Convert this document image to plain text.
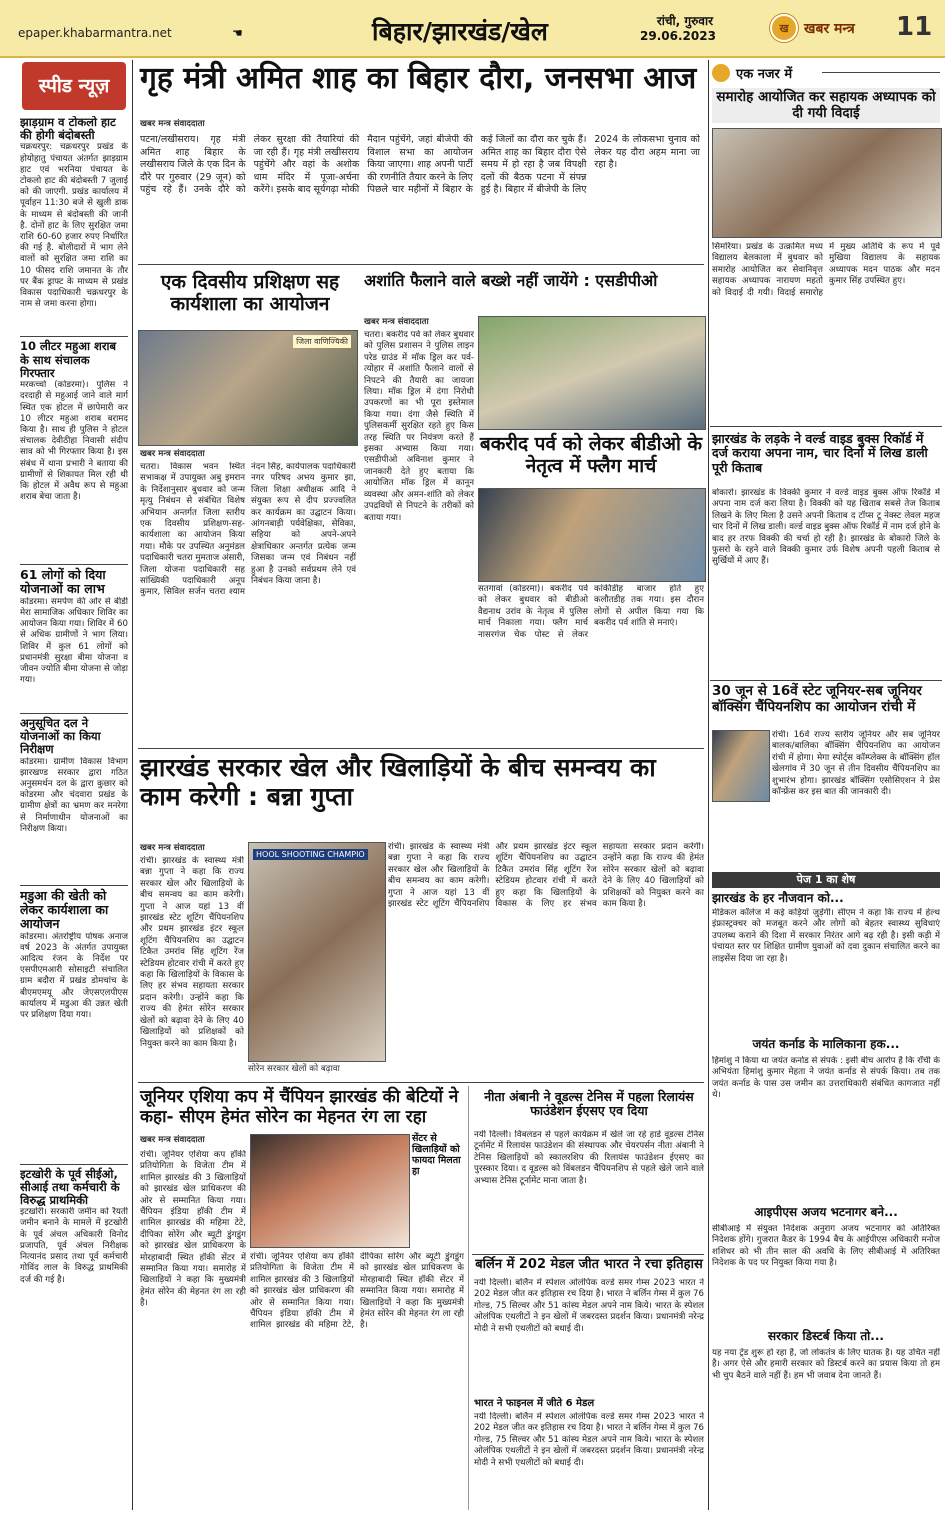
epaper.khabarmantra.net	☚	बिहार/झारखंड/खेल	रांची, गुरुवार
29.06.2023
ख	खबर मन्त्र 11
स्पीड न्यूज़
झाड़ग्राम व टोकलो हाट की होगी बंदोबस्ती
चक्रधरपुर: चक्रधरपुर प्रखंड के होयोहातु पंचायत अंतर्गत झाड़ग्राम हाट एवं भरनिया पंचायत के टोकलो हाट की बंदोबस्ती 7 जुलाई को की जाएगी. प्रखंड कार्यालय में पूर्वाहन 11:30 बजे से खुली डाक के माध्यम से बंदोबस्ती की जानी है. दोनों हाट के लिए सुरक्षित जमा राशि 60-60 हजार रुपए निर्धारित की गई है. बोलीदारों में भाग लेने वालों को सुरक्षित जमा राशि का 10 फीसद राशि जमानत के तौर पर बैंक ड्राफ्ट के माध्यम से प्रखंड विकास पदाधिकारी चक्रधरपुर के नाम से जमा करना होगा।
10 लीटर महुआ शराब के साथ संचालक गिरफ्तार
मरकच्चो (कोडरमा)। पुलिस ने दरदाही से महुआई जाने वाले मार्ग स्थित एक होटल में छापेमारी कर 10 लीटर महुआ शराब बरामद किया है। साथ ही पुलिस ने होटल संचालक देवीठीहा निवासी संदीप साव को भी गिरफ्तार किया है। इस संबंध में थाना प्रभारी ने बताया की ग्रामीणों से शिकायत मिल रही थी कि होटल में अवैध रूप से महुआ शराब बेचा जाता है।
61 लोगों को दिया योजनाओं का लाभ
कोडरमा। समर्पण की ओर से बीडी मेरा सामाजिक अधिकार शिविर का आयोजन किया गया। शिविर में 60 से अधिक ग्रामीणों ने भाग लिया। शिविर में कुल 61 लोगों को प्रधानमंत्री सुरक्षा बीमा योजना व जीवन ज्योति बीमा योजना से जोड़ा गया।
अनुसूचित दल ने योजनाओं का किया निरीक्षण
कोडरमा। ग्रामीण विकास विभाग झारखण्ड सरकार द्वारा गठित अनुसमर्थन दल के द्वारा कुछार को कोडरमा और चंदवारा प्रखंड के ग्रामीण क्षेत्रों का भ्रमण कर मनरेगा से निर्माणाधीन योजनाओं का निरीक्षण किया।
मडुआ की खेती को लेकर कार्यशाला का आयोजन
कोडरमा। अंतर्राष्ट्रीय पोषक अनाज वर्ष 2023 के अंतर्गत उपायुक्त आदित्य रंजन के निर्देश पर एसपीएमआरी सोसाइटी संचालित ग्राम बदौरा में प्रखंड डोमचांच के बीएमएमयू और जेएसएलपीएस कार्यालय में मडुआ की उन्नत खेती पर प्रशिक्षण दिया गया।
इटखोरी के पूर्व सीईओ, सीआई तथा कर्मचारी के विरुद्ध प्राथमिकी
इटखोरी। सरकारी जमीन को रैयती जमीन बनाने के मामले में इटखोरी के पूर्व अंचल अधिकारी विनोद प्रजापति, पूर्व अंचल निरीक्षक नित्यानंद प्रसाद तथा पूर्व कर्मचारी गोविंद लाल के विरुद्ध प्राथमिकी दर्ज की गई है।
गृह मंत्री अमित शाह का बिहार दौरा, जनसभा आज
खबर मन्त्र संवाददाता
पटना/लखीसराय। गृह मंत्री अमित शाह बिहार के लखीसराय जिले के एक दिन के दौरे पर गुरुवार (29 जून) को पहुंच रहे हैं। उनके दौरे को लेकर सुरक्षा की तैयारियां की जा रही हैं। गृह मंत्री लखीसराय पहुंचेंगे और वहां के अशोक धाम मंदिर में पूजा-अर्चना करेंगे। इसके बाद सूर्यगढ़ा मोकी मैदान पहुंचेंगे, जहां बीजेपी की विशाल सभा का आयोजन किया जाएगा। शाह अपनी पार्टी की रणनीति तैयार करने के लिए पिछले चार महीनों में बिहार के कई जिलों का दौरा कर चुके हैं। अमित शाह का बिहार दौरा ऐसे समय में हो रहा है जब विपक्षी दलों की बैठक पटना में संपन्न हुई है। बिहार में बीजेपी के लिए 2024 के लोकसभा चुनाव को लेकर यह दौरा अहम माना जा रहा है।
एक दिवसीय प्रशिक्षण सह कार्यशाला का आयोजन
जिला वाणिज्यिकी
खबर मन्त्र संवाददाता
चतरा। विकास भवन स्थित सभाकक्ष में उपायुक्त अबु इमरान के निर्देशानुसार बुधवार को जन्म मृत्यु निबंधन से संबंधित विशेष अभियान अन्तर्गत जिला स्तरीय एक दिवसीय प्रशिक्षण-सह-कार्यशाला का आयोजन किया गया। मौके पर उपस्थित अनुमंडल पदाधिकारी चतरा मुमताज अंसारी, जिला योजना पदाधिकारी सह सांख्यिकी पदाधिकारी अनूप कुमार, सिविल सर्जन चतरा श्याम नंदन सिंह, कार्यपालक पदाधिकारी नगर परिषद अभय कुमार झा, जिला शिक्षा अधीक्षक आदि ने संयुक्त रूप से दीप प्रज्ज्वलित कर कार्यक्रम का उद्घाटन किया। आंगनबाड़ी पर्यवेक्षिका, सेविका, सहिया को अपने-अपने क्षेत्राधिकार अन्तर्गत प्रत्येक जन्म जिसका जन्म एवं निबंधन नहीं हुआ है उनको सर्वप्रथम लेने एवं निबंधन किया जाना है।
अशांति फैलाने वाले बख्शे नहीं जायेंगे : एसडीपीओ
खबर मन्त्र संवाददाता
चतरा। बकरीद पर्व को लेकर बुधवार को पुलिस प्रशासन ने पुलिस लाइन परेड ग्राउंड में मॉक ड्रिल कर पर्व-त्योहार में अशांति फैलाने वालों से निपटने की तैयारी का जायजा लिया। मॉक ड्रिल में दंगा निरोधी उपकरणों का भी पूरा इस्तेमाल किया गया। दंगा जैसे स्थिति में पुलिसकर्मी सुरक्षित रहते हुए किस तरह स्थिति पर नियंत्रण करते हैं इसका अभ्यास किया गया। एसडीपीओ अविनाश कुमार ने जानकारी देते हुए बताया कि आयोजित मॉक ड्रिल में कानून व्यवस्था और अमन-शांति को लेकर उपद्रवियों से निपटने के तरीकों को बताया गया।
बकरीद पर्व को लेकर बीडीओ के नेतृत्व में फ्लैग मार्च
सतगावां (कोडरमा)। बकरीद पर्व को लेकर बुधवार को बीडीओ वैद्यनाथ उरांव के नेतृत्व में पुलिस मार्च निकाला गया। फ्लैग मार्च नासरगंज चेक पोस्ट से लेकर कांकीडीह बाजार होते हुए कलौतडीह तक गया। इस दौरान लोगों से अपील किया गया कि बकरीद पर्व शांति से मनाएं।
झारखंड सरकार खेल और खिलाड़ियों के बीच समन्वय का काम करेगी : बन्ना गुप्ता
खबर मन्त्र संवाददाता
रांची। झारखंड के स्वास्थ्य मंत्री बन्ना गुप्ता ने कहा कि राज्य सरकार खेल और खिलाड़ियों के बीच समन्वय का काम करेगी। गुप्ता ने आज यहां 13 वीं झारखंड स्टेट शूटिंग चैंपियनशिप और प्रथम झारखंड इंटर स्कूल शूटिंग चैंपियनशिप का उद्घाटन टिकैत उमरांव सिंह शूटिंग रेंज स्टेडियम होटवार रांची में करते हुए कहा कि खिलाड़ियों के विकास के लिए हर संभव सहायता सरकार प्रदान करेगी। उन्होंने कहा कि राज्य की हेमंत सोरेन सरकार खेलों को बढ़ावा देने के लिए 40 खिलाड़ियों को प्रशिक्षकों को नियुक्त करने का काम किया है।
HOOL SHOOTING CHAMPIO
सोरेन सरकार खेलों को बढ़ावा
रांची। झारखंड के स्वास्थ्य मंत्री बन्ना गुप्ता ने कहा कि राज्य सरकार खेल और खिलाड़ियों के बीच समन्वय का काम करेगी। गुप्ता ने आज यहां 13 वीं झारखंड स्टेट शूटिंग चैंपियनशिप और प्रथम झारखंड इंटर स्कूल शूटिंग चैंपियनशिप का उद्घाटन टिकैत उमरांव सिंह शूटिंग रेंज स्टेडियम होटवार रांची में करते हुए कहा कि खिलाड़ियों के विकास के लिए हर संभव सहायता सरकार प्रदान करेगी। उन्होंने कहा कि राज्य की हेमंत सोरेन सरकार खेलों को बढ़ावा देने के लिए 40 खिलाड़ियों को प्रशिक्षकों को नियुक्त करने का काम किया है।
जूनियर एशिया कप में चैंपियन झारखंड की बेटियों ने कहा- सीएम हेमंत सोरेन का मेहनत रंग ला रहा
खबर मन्त्र संवाददाता
रांची। जूनियर एशिया कप हॉकी प्रतियोगिता के विजेता टीम में शामिल झारखंड की 3 खिलाड़ियों को झारखंड खेल प्राधिकरण की ओर से सम्मानित किया गया। चैंपियन इंडिया हॉकी टीम में शामिल झारखंड की महिमा टेटे, दीपिका सोरेंग और ब्यूटी डुंगडुंग को झारखंड खेल प्राधिकरण के मोरहाबादी स्थित हॉकी सेंटर में सम्मानित किया गया। समारोह में खिलाड़ियों ने कहा कि मुख्यमंत्री हेमंत सोरेन की मेहनत रंग ला रही है।
सेंटर से खिलाड़ियों को फायदा मिलता हा
रांची। जूनियर एशिया कप हॉकी प्रतियोगिता के विजेता टीम में शामिल झारखंड की 3 खिलाड़ियों को झारखंड खेल प्राधिकरण की ओर से सम्मानित किया गया। चैंपियन इंडिया हॉकी टीम में शामिल झारखंड की महिमा टेटे, दीपिका सोरेंग और ब्यूटी डुंगडुंग को झारखंड खेल प्राधिकरण के मोरहाबादी स्थित हॉकी सेंटर में सम्मानित किया गया। समारोह में खिलाड़ियों ने कहा कि मुख्यमंत्री हेमंत सोरेन की मेहनत रंग ला रही है।
नीता अंबानी ने वूडल्स टेनिस में पहला रिलायंस फाउंडेशन ईएसए एव दिया
नयी दिल्ली। विंबलडन से पहले कार्यक्रम में खेले जा रहे हार्ड वूडल्स टेनिस टूर्नामेंट में रिलायंस फाउंडेशन की संस्थापक और चेयरपर्सन नीता अंबानी ने टेनिस खिलाड़ियों को स्कालरशिप की रिलायंस फाउंडेशन ईएसए का पुरस्कार दिया। द वूडल्स को विंबलडन चैंपियनशिप से पहले खेले जाने वाले अभ्यास टेनिस टूर्नामेंट माना जाता है।
बर्लिन में 202 मेडल जीत भारत ने रचा इतिहास
नयी दिल्ली। बर्लिन में स्पेशल ओलंपिक वर्ल्ड समर गेम्स 2023 भारत ने 202 मेडल जीत कर इतिहास रच दिया है। भारत ने बर्लिन गेम्स में कुल 76 गोल्ड, 75 सिल्वर और 51 कांस्य मेडल अपने नाम किये। भारत के स्पेशल ओलंपिक एथलीटों ने इन खेलों में जबरदस्त प्रदर्शन किया। प्रधानमंत्री नरेन्द्र मोदी ने सभी एथलीटों को बधाई दी।
भारत ने फाइनल में जीते 6 मेडल
नयी दिल्ली। बर्लिन में स्पेशल ओलंपिक वर्ल्ड समर गेम्स 2023 भारत ने 202 मेडल जीत कर इतिहास रच दिया है। भारत ने बर्लिन गेम्स में कुल 76 गोल्ड, 75 सिल्वर और 51 कांस्य मेडल अपने नाम किये। भारत के स्पेशल ओलंपिक एथलीटों ने इन खेलों में जबरदस्त प्रदर्शन किया। प्रधानमंत्री नरेन्द्र मोदी ने सभी एथलीटों को बधाई दी।
एक नजर में
समारोह आयोजित कर सहायक अध्यापक को दी गयी विदाई
सिमरिया। प्रखंड के उत्क्रमित मध्य विद्यालय बेलकाला में बुधवार को समारोह आयोजित कर सेवानिवृत्त सहायक अध्यापक नारायण महतो को विदाई दी गयी। विदाई समारोह में मुख्य अतिथि के रूप में पूर्व मुखिया विद्यालय के सहायक अध्यापक मदन पाठक और मदन कुमार सिंह उपस्थित हुए।
झारखंड के लड़के ने वर्ल्ड वाइड बुक्स रिकॉर्ड में दर्ज कराया अपना नाम, चार दिनों में लिख डाली पूरी किताब
बोकारो। झारखंड के विक्की कुमार ने वर्ल्ड वाइड बुक्स ऑफ रिकॉर्ड में अपना नाम दर्ज करा लिया है। विक्की को यह खिताब सबसे तेज किताब लिखने के लिए मिला है उसने अपनी किताब द टॉप्स टू नेक्स्ट लेवल महज चार दिनों में लिख डाली। वर्ल्ड वाइड बुक्स ऑफ रिकॉर्ड में नाम दर्ज होने के बाद हर तरफ विक्की की चर्चा हो रही है। झारखंड के बोकारो जिले के फुसरो के रहने वाले विक्की कुमार उर्फ विशेष अपनी पहली किताब से सुर्खियों में आए हैं।
30 जून से 16वें स्टेट जूनियर-सब जूनियर बॉक्सिंग चैंपियनशिप का आयोजन रांची में
रांची। 16वें राज्य स्तरीय जूनियर और सब जूनियर बालक/बालिका बॉक्सिंग चैंपियनशिप का आयोजन रांची में होगा। मेगा स्पोर्ट्स कॉम्प्लेक्स के बॉक्सिंग हॉल खेलगांव में 30 जून से तीन दिवसीय चैंपियनशिप का शुभारंभ होगा। झारखंड बॉक्सिंग एसोसिएशन ने प्रेस कॉन्फ्रेंस कर इस बात की जानकारी दी।
पेज 1 का शेष
झारखंड के हर नौजवान को...
मेडिकल कॉलेज में कई कड़ियां जुड़ेंगी। सीएम ने कहा कि राज्य में हेल्थ इंफ्रास्ट्रक्चर को मजबूत करने और लोगों को बेहतर स्वास्थ्य सुविधाएं उपलब्ध कराने की दिशा में सरकार निरंतर आगे बढ़ रही है। इसी कड़ी में पंचायत स्तर पर शिक्षित ग्रामीण युवाओं को दवा दुकान संचालित करने का लाइसेंस दिया जा रहा है।
जयंत कर्नाड के मालिकाना हक...
हिमांशु ने किया था जयंत कर्नाड से संपर्क : इसी बीच आरोप है कि राँची के अभियंता हिमांशु कुमार मेहता ने जयंत कर्नाड से संपर्क किया। तब तक जयंत कर्नाड के पास उस जमीन का उत्तराधिकारी संबंधित कागजात नहीं थे।
आइपीएस अजय भटनागर बने...
सीबीआई में संयुक्त निदेशक अनुराग अजय भटनागर को अतिरिक्त निदेशक होंगे। गुजरात कैडर के 1994 बैच के आईपीएस अधिकारी मनोज शशिधर को भी तीन साल की अवधि के लिए सीबीआई में अतिरिक्त निदेशक के पद पर नियुक्त किया गया है।
सरकार डिस्टर्ब किया तो...
यह नया ट्रेंड शुरू हो रहा है, जो लोकतंत्र के लिए घातक है। यह उचित नहीं है। अगर ऐसे और हमारी सरकार को डिस्टर्ब करने का प्रयास किया तो हम भी चुप बैठने वाले नहीं हैं। हम भी जवाब देना जानते हैं।
